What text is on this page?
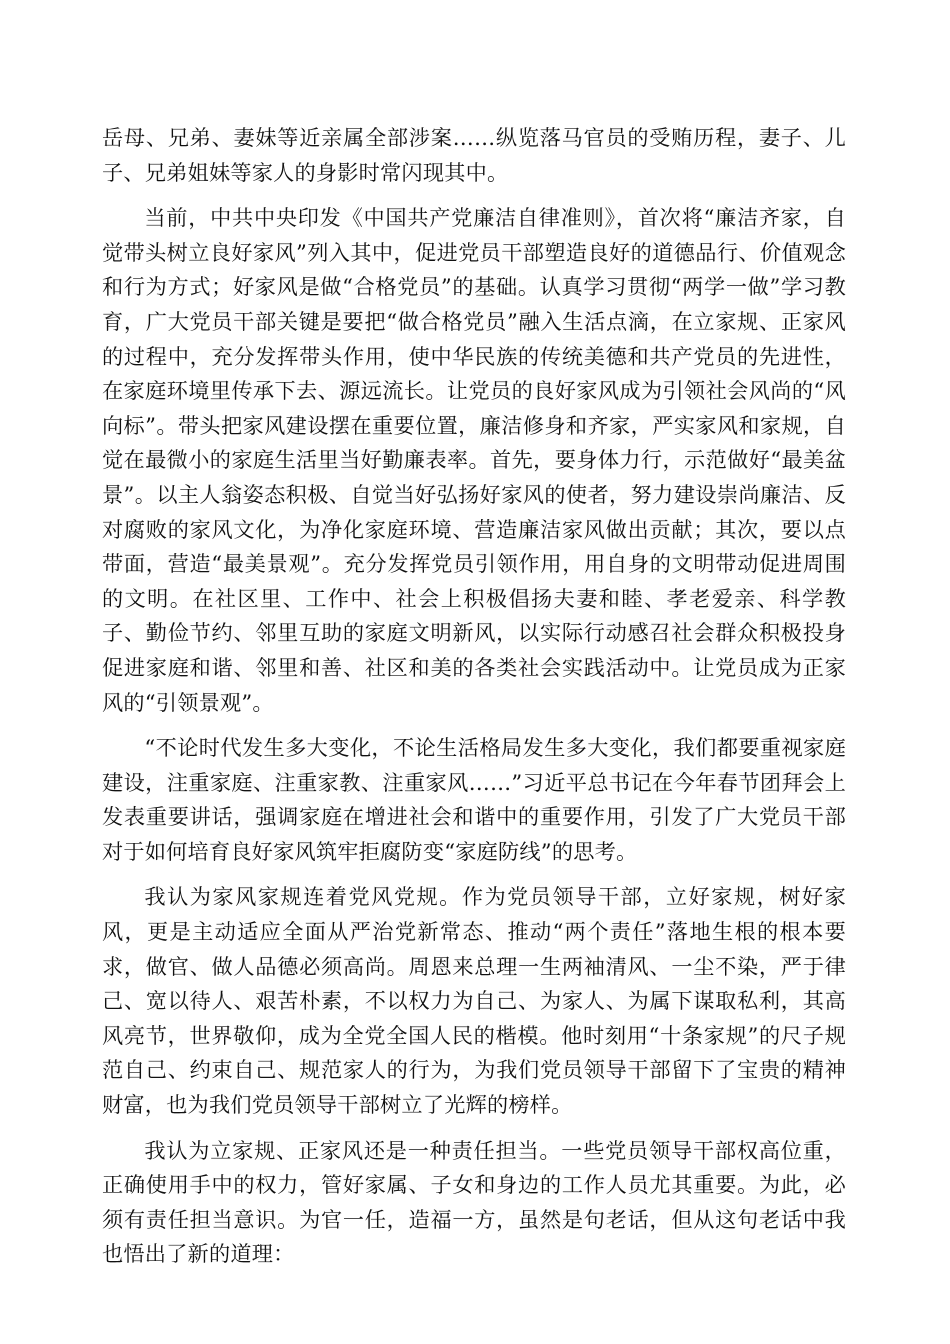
岳母、兄弟、妻妹等近亲属全部涉案……纵览落马官员的受贿历程，妻子、儿子、兄弟姐妹等家人的身影时常闪现其中。

当前，中共中央印发《中国共产党廉洁自律准则》，首次将“廉洁齐家，自觉带头树立良好家风”列入其中，促进党员干部塑造良好的道德品行、价值观念和行为方式；好家风是做“合格党员”的基础。认真学习贯彻“两学一做”学习教育，广大党员干部关键是要把“做合格党员”融入生活点滴，在立家规、正家风的过程中，充分发挥带头作用，使中华民族的传统美德和共产党员的先进性，在家庭环境里传承下去、源远流长。让党员的良好家风成为引领社会风尚的“风向标”。带头把家风建设摆在重要位置，廉洁修身和齐家，严实家风和家规，自觉在最微小的家庭生活里当好勤廉表率。首先，要身体力行，示范做好“最美盆景”。以主人翁姿态积极、自觉当好弘扬好家风的使者，努力建设崇尚廉洁、反对腐败的家风文化，为净化家庭环境、营造廉洁家风做出贡献；其次，要以点带面，营造“最美景观”。充分发挥党员引领作用，用自身的文明带动促进周围的文明。在社区里、工作中、社会上积极倡扬夫妻和睦、孝老爱亲、科学教子、勤俭节约、邻里互助的家庭文明新风，以实际行动感召社会群众积极投身促进家庭和谐、邻里和善、社区和美的各类社会实践活动中。让党员成为正家风的“引领景观”。

“不论时代发生多大变化，不论生活格局发生多大变化，我们都要重视家庭建设，注重家庭、注重家教、注重家风……”习近平总书记在今年春节团拜会上发表重要讲话，强调家庭在增进社会和谐中的重要作用，引发了广大党员干部对于如何培育良好家风筑牢拒腐防变“家庭防线”的思考。

我认为家风家规连着党风党规。作为党员领导干部，立好家规，树好家风，更是主动适应全面从严治党新常态、推动“两个责任”落地生根的根本要求，做官、做人品德必须高尚。周恩来总理一生两袖清风、一尘不染，严于律己、宽以待人、艰苦朴素，不以权力为自己、为家人、为属下谋取私利，其高风亮节，世界敬仰，成为全党全国人民的楷模。他时刻用“十条家规”的尺子规范自己、约束自己、规范家人的行为，为我们党员领导干部留下了宝贵的精神财富，也为我们党员领导干部树立了光辉的榜样。

我认为立家规、正家风还是一种责任担当。一些党员领导干部权高位重，正确使用手中的权力，管好家属、子女和身边的工作人员尤其重要。为此，必须有责任担当意识。为官一任，造福一方，虽然是句老话，但从这句老话中我也悟出了新的道理：
